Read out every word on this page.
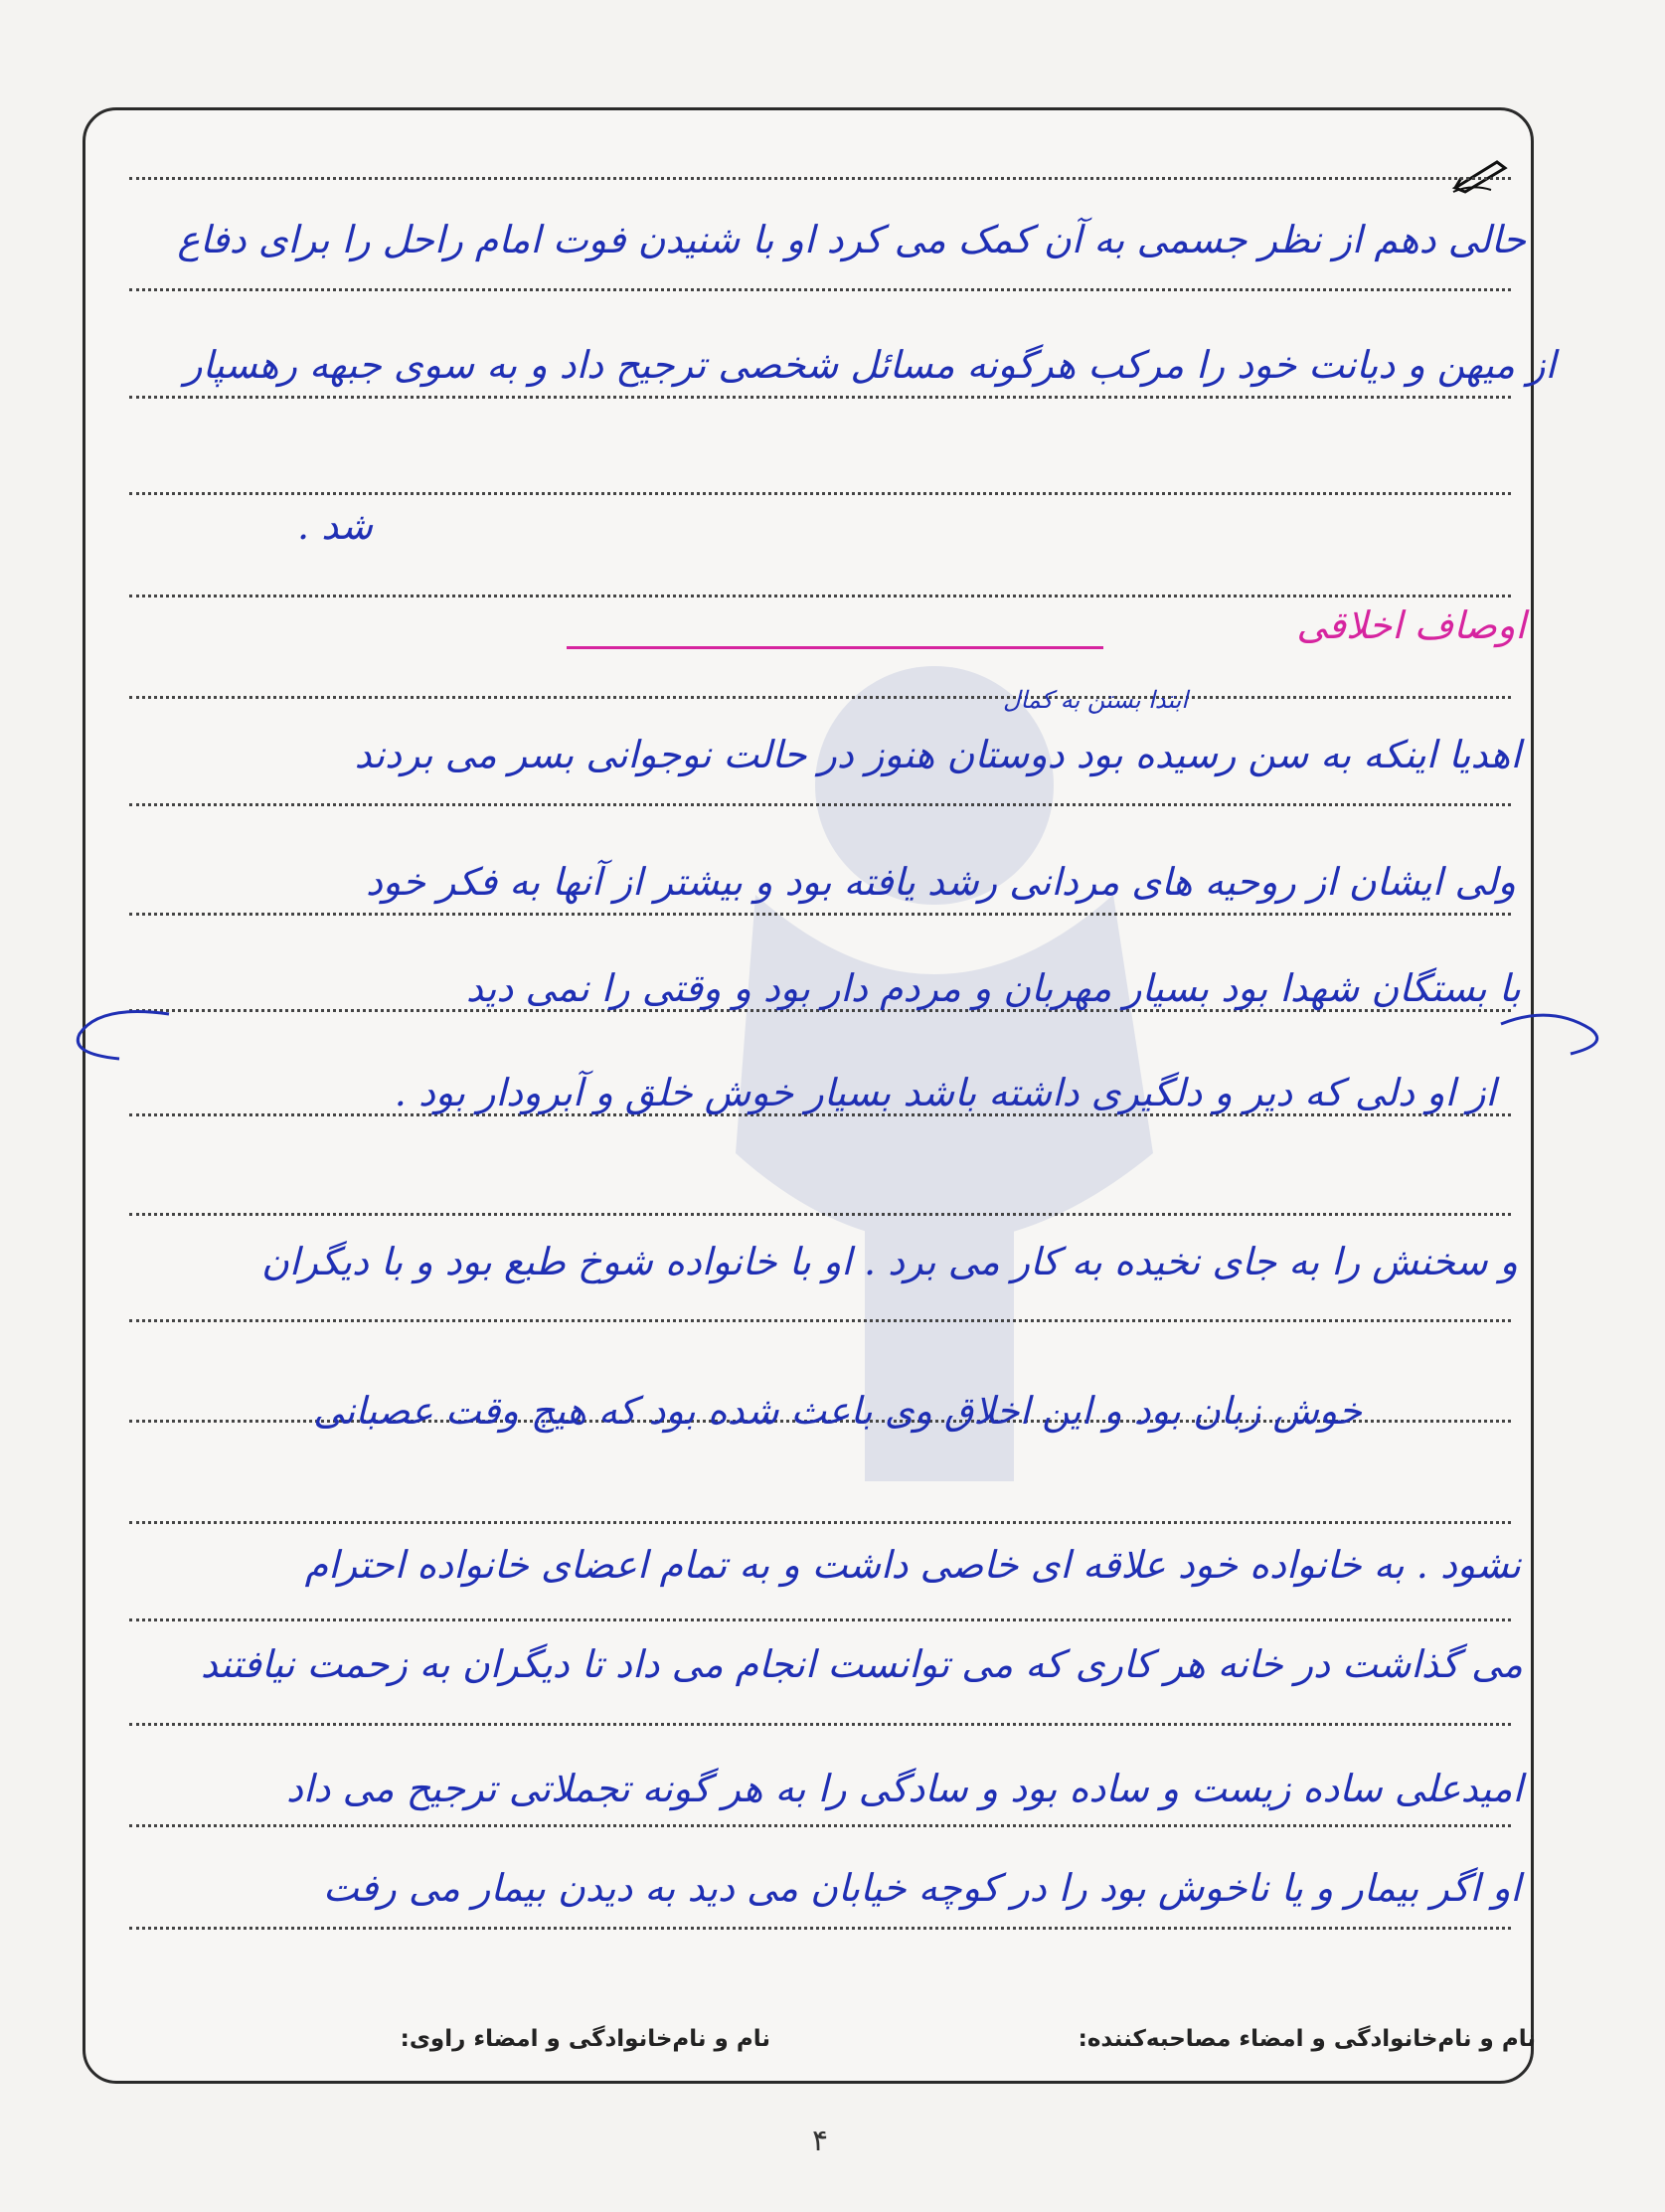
حالی دهم از نظر جسمی به آن کمک می کرد او با شنیدن فوت امام راحل را برای دفاع
از میهن و دیانت خود را مرکب هرگونه مسائل شخصی ترجیح داد و به سوی جبهه رهسپار
شد .
اوصاف اخلاقی
ابتدا بستن به کمال
اهدیا اینکه به سن رسیده بود دوستان هنوز در حالت نوجوانی بسر می بردند
ولی ایشان از روحیه های مردانی رشد یافته بود و بیشتر از آنها به فکر خود
با بستگان شهدا بود بسیار مهربان و مردم دار بود و وقتی را نمی دید
از او دلی که دیر و دلگیری داشته باشد بسیار خوش خلق و آبرودار بود .
و سخنش را به جای نخیده به کار می برد . او با خانواده شوخ طبع بود و با دیگران
خوش زبان بود و این اخلاق وی باعث شده بود که هیچ وقت عصبانی
نشود . به خانواده خود علاقه ای خاصی داشت و به تمام اعضای خانواده احترام
می گذاشت در خانه هر کاری که می توانست انجام می داد تا دیگران به زحمت نیافتند
امیدعلی ساده زیست و ساده بود و سادگی را به هر گونه تجملاتی ترجیح می داد
او اگر بیمار و یا ناخوش بود را در کوچه خیابان می دید به دیدن بیمار می رفت
نام و نام‌خانوادگی و امضاء مصاحبه‌کننده:
نام و نام‌خانوادگی و امضاء راوی:
۴
